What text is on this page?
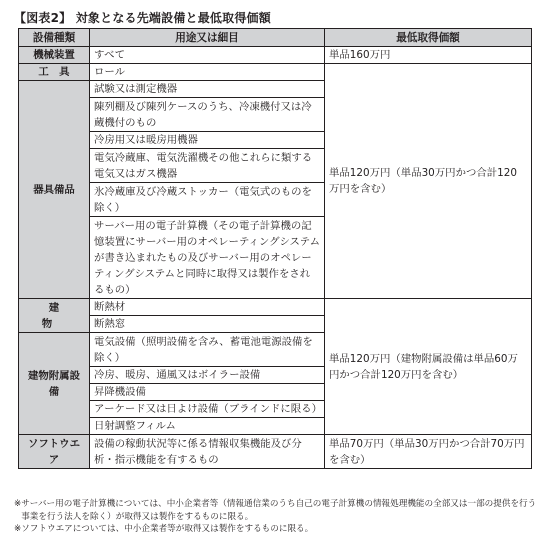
【図表2】 対象となる先端設備と最低取得価額
設備種類	用途又は細目	最低取得価額
機械装置	すべて	単品160万円
工　具	ロール	単品120万円（単品30万円かつ合計120万円を含む）
器具備品	試験又は測定機器	
	陳列棚及び陳列ケースのうち、冷凍機付又は冷蔵機付のもの	
	冷房用又は暖房用機器	
	電気冷蔵庫、電気洗濯機その他これらに類する電気又はガス機器	
	氷冷蔵庫及び冷蔵ストッカー（電気式のものを除く）	
	サーバー用の電子計算機（その電子計算機の記憶装置にサーバー用のオペレーティングシステムが書き込まれたもの及びサーバー用のオペレーティングシステムと同時に取得又は製作をされるもの）	
建　物	断熱材	単品120万円（建物附属設備は単品60万円かつ合計120万円を含む）
	断熱窓	
建物附属設備	電気設備（照明設備を含み、蓄電池電源設備を除く）	
	冷房、暖房、通風又はボイラー設備	
	昇降機設備	
	アーケード又は日よけ設備（ブラインドに限る）	
	日射調整フィルム	
ソフトウエア	設備の稼動状況等に係る情報収集機能及び分析・指示機能を有するもの	単品70万円（単品30万円かつ合計70万円を含む）
※ サーバー用の電子計算機については、中小企業者等（情報通信業のうち自己の電子計算機の情報処理機能の全部又は一部の提供を行う事業を行う法人を除く）が取得又は製作をするものに限る。
※ ソフトウエアについては、中小企業者等が取得又は製作をするものに限る。
